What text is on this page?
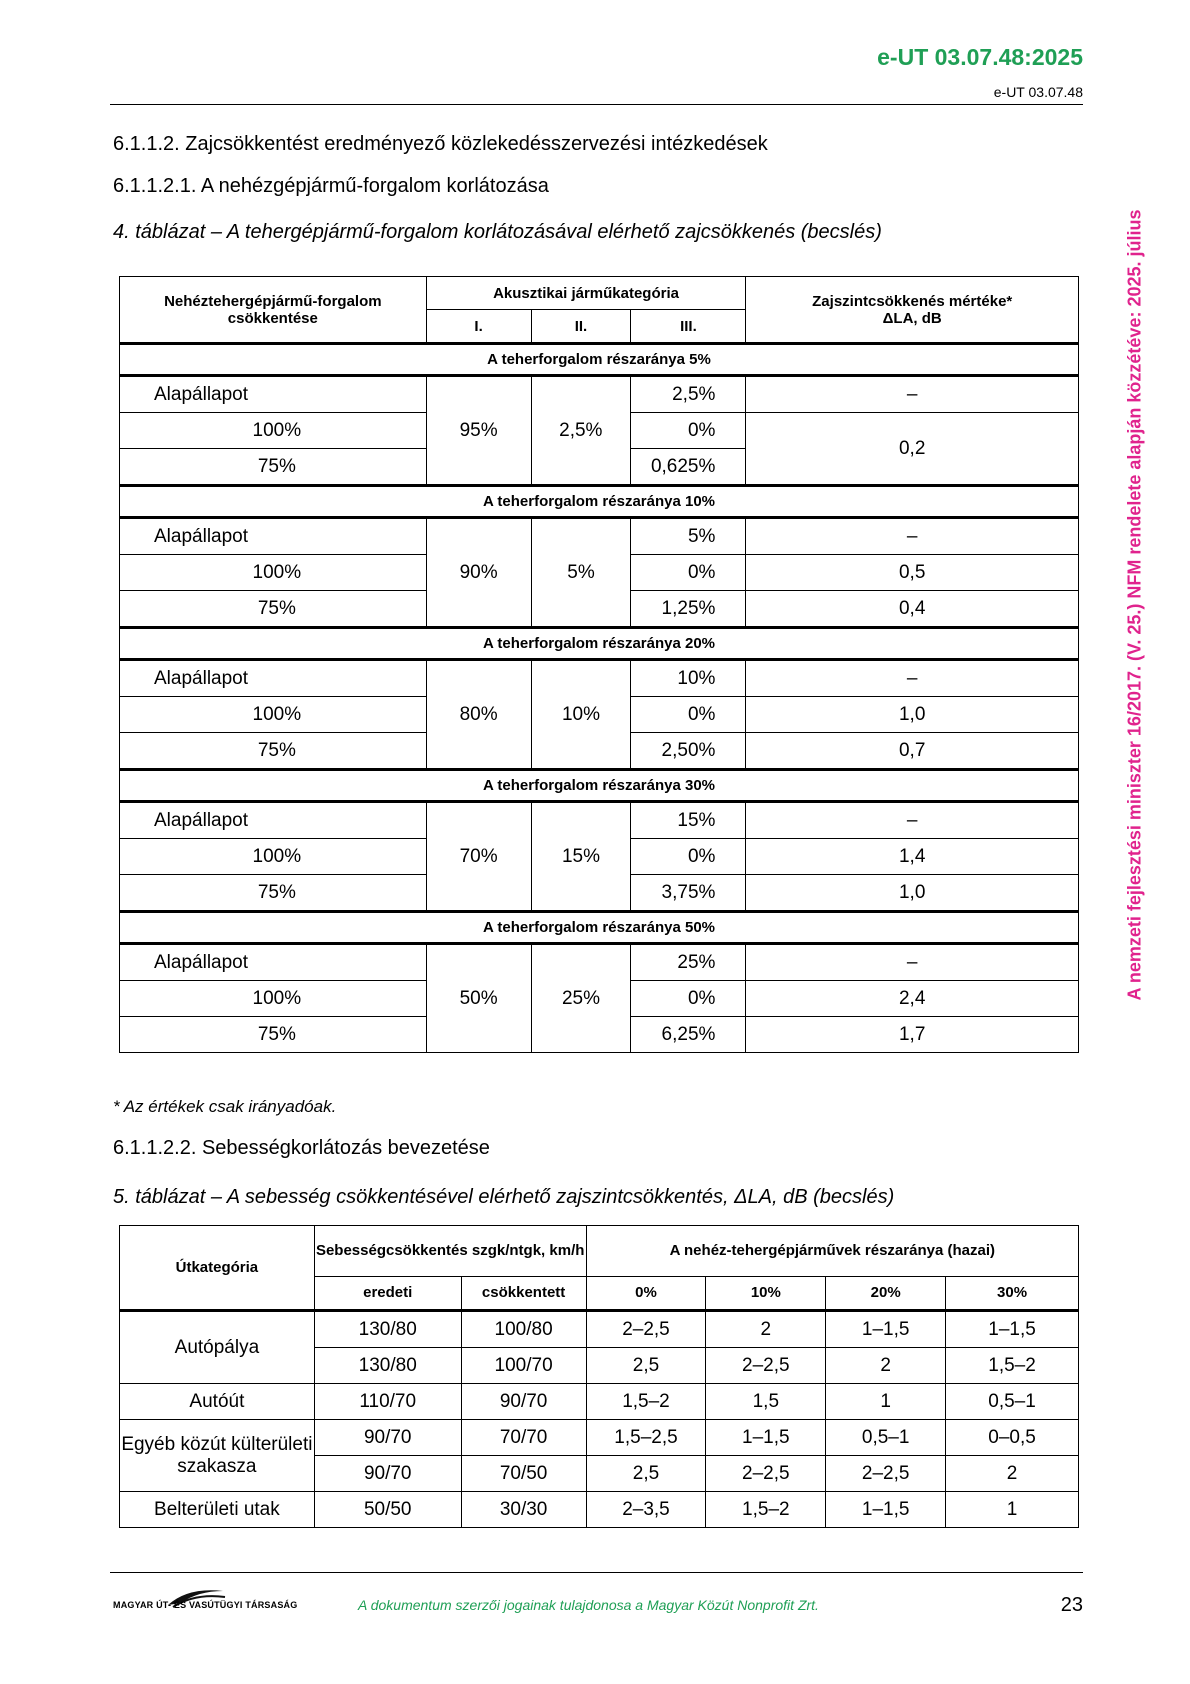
e-UT 03.07.48:2025
e-UT 03.07.48
A nemzeti fejlesztési miniszter 16/2017. (V. 25.) NFM rendelete alapján közzétéve: 2025. július
6.1.1.2. Zajcsökkentést eredményező közlekedésszervezési intézkedések
6.1.1.2.1. A nehézgépjármű-forgalom korlátozása
4. táblázat – A tehergépjármű-forgalom korlátozásával elérhető zajcsökkenés (becslés)
Nehéztehergépjármű-forgalom csökkentése	Akusztikai járműkategória			Zajszintcsökkenés mértéke*
ΔLA, dB
	I.	II.	III.	
A teherforgalom részaránya 5%				
Alapállapot	95%	2,5%	2,5%	–
100%			0%	0,2
75%			0,625%	
A teherforgalom részaránya 10%				
Alapállapot	90%	5%	5%	–
100%			0%	0,5
75%			1,25%	0,4
A teherforgalom részaránya 20%				
Alapállapot	80%	10%	10%	–
100%			0%	1,0
75%			2,50%	0,7
A teherforgalom részaránya 30%				
Alapállapot	70%	15%	15%	–
100%			0%	1,4
75%			3,75%	1,0
A teherforgalom részaránya 50%				
Alapállapot	50%	25%	25%	–
100%			0%	2,4
75%			6,25%	1,7
* Az értékek csak irányadóak.
6.1.1.2.2. Sebességkorlátozás bevezetése
5. táblázat – A sebesség csökkentésével elérhető zajszintcsökkentés, ΔLA, dB (becslés)
Útkategória	Sebességcsökkentés szgk/ntgk, km/h		A nehéz-tehergépjárművek részaránya (hazai)			
	eredeti	csökkentett	0%	10%	20%	30%
Autópálya	130/80	100/80	2–2,5	2	1–1,5	1–1,5
	130/80	100/70	2,5	2–2,5	2	1,5–2
Autóút	110/70	90/70	1,5–2	1,5	1	0,5–1
Egyéb közút külterületi szakasza	90/70	70/70	1,5–2,5	1–1,5	0,5–1	0–0,5
	90/70	70/50	2,5	2–2,5	2–2,5	2
Belterületi utak	50/50	30/30	2–3,5	1,5–2	1–1,5	1
MAGYAR ÚT- ÉS VASÚTÜGYI TÁRSASÁG	A dokumentum szerzői jogainak tulajdonosa a Magyar Közút Nonprofit Zrt.	23
